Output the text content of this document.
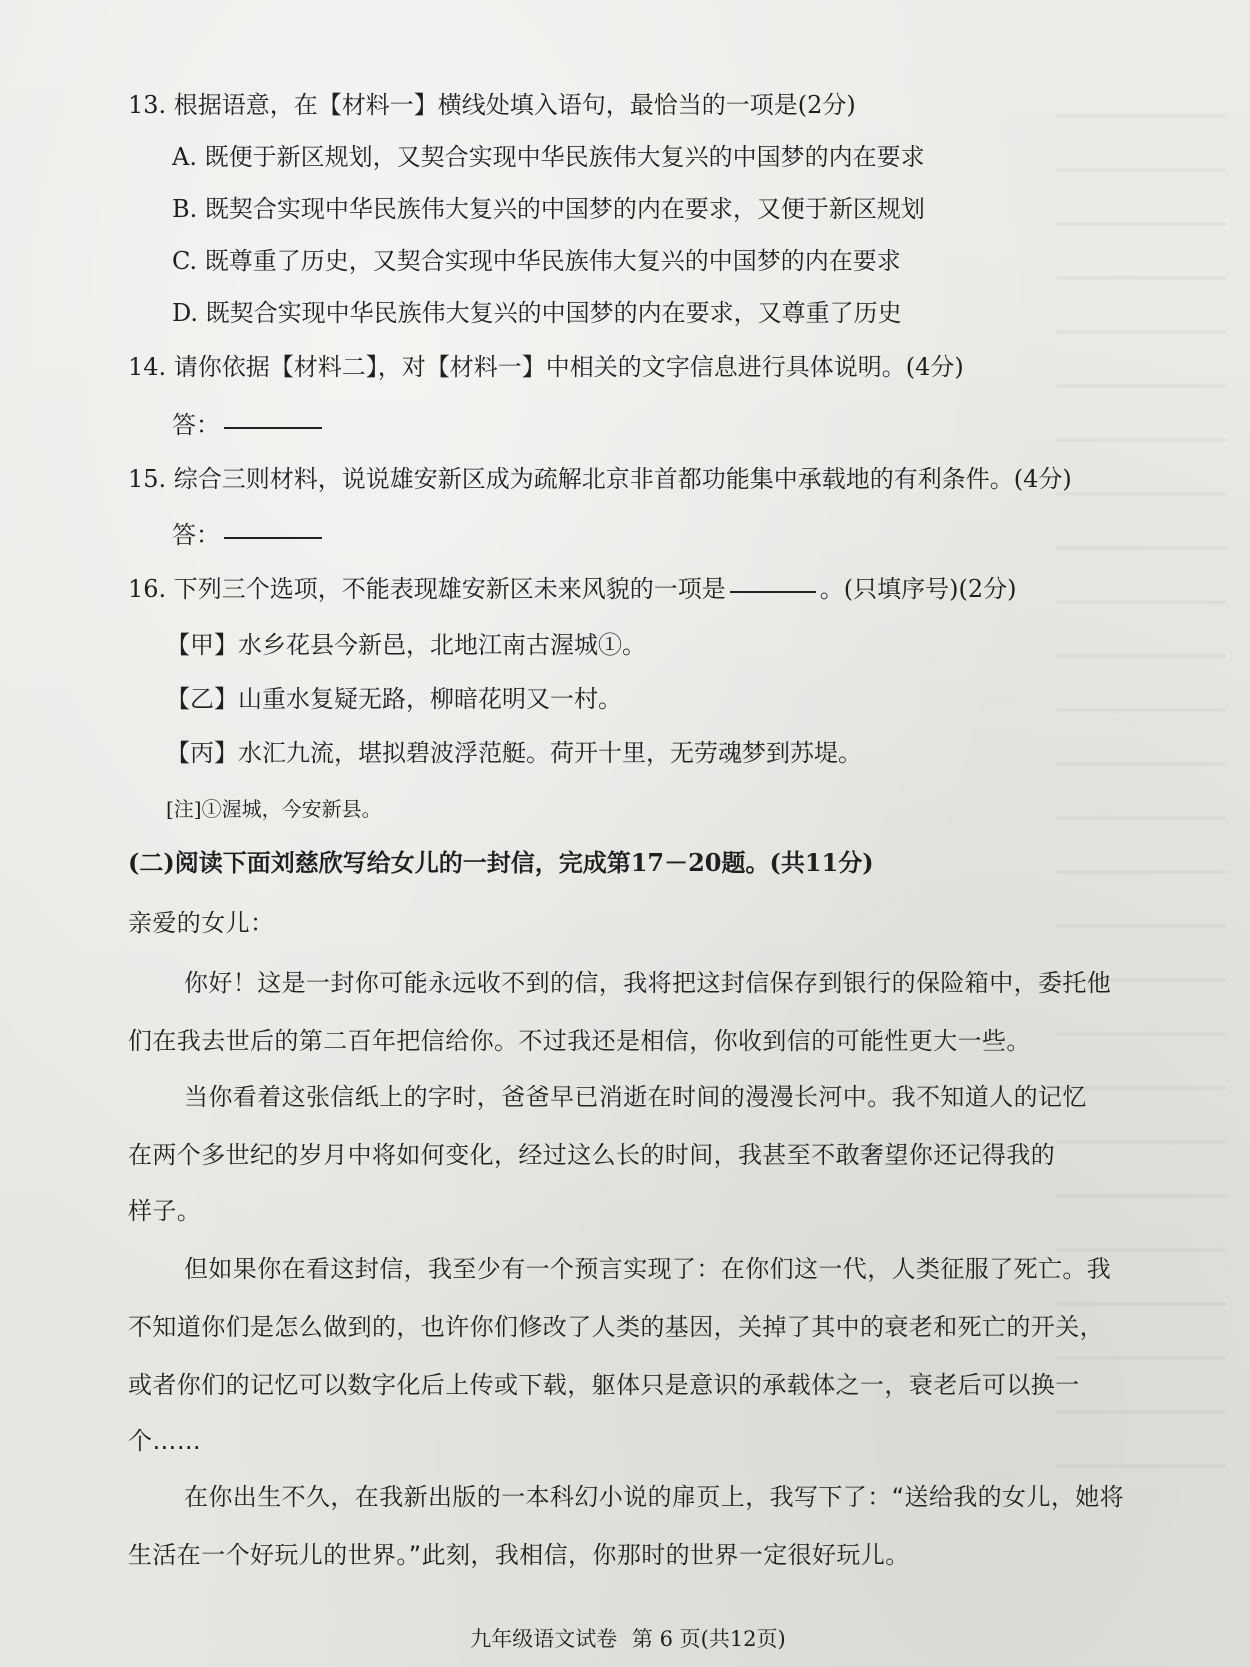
13. 根据语意，在【材料一】横线处填入语句，最恰当的一项是(2分)
A. 既便于新区规划，又契合实现中华民族伟大复兴的中国梦的内在要求
B. 既契合实现中华民族伟大复兴的中国梦的内在要求，又便于新区规划
C. 既尊重了历史，又契合实现中华民族伟大复兴的中国梦的内在要求
D. 既契合实现中华民族伟大复兴的中国梦的内在要求，又尊重了历史
14. 请你依据【材料二】，对【材料一】中相关的文字信息进行具体说明。(4分)
答：
15. 综合三则材料，说说雄安新区成为疏解北京非首都功能集中承载地的有利条件。(4分)
答：
16. 下列三个选项，不能表现雄安新区未来风貌的一项是	。(只填序号)(2分)
【甲】水乡花县今新邑，北地江南古渥城①。
【乙】山重水复疑无路，柳暗花明又一村。
【丙】水汇九流，堪拟碧波浮范艇。荷开十里，无劳魂梦到苏堤。
[注]①渥城，今安新县。
(二)阅读下面刘慈欣写给女儿的一封信，完成第17－20题。(共11分)
亲爱的女儿：
你好！这是一封你可能永远收不到的信，我将把这封信保存到银行的保险箱中，委托他
们在我去世后的第二百年把信给你。不过我还是相信，你收到信的可能性更大一些。
当你看着这张信纸上的字时，爸爸早已消逝在时间的漫漫长河中。我不知道人的记忆
在两个多世纪的岁月中将如何变化，经过这么长的时间，我甚至不敢奢望你还记得我的
样子。
但如果你在看这封信，我至少有一个预言实现了：在你们这一代，人类征服了死亡。我
不知道你们是怎么做到的，也许你们修改了人类的基因，关掉了其中的衰老和死亡的开关，
或者你们的记忆可以数字化后上传或下载，躯体只是意识的承载体之一，衰老后可以换一
个……
在你出生不久，在我新出版的一本科幻小说的扉页上，我写下了：“送给我的女儿，她将
生活在一个好玩儿的世界。”此刻，我相信，你那时的世界一定很好玩儿。
九年级语文试卷 第 6 页(共12页)
